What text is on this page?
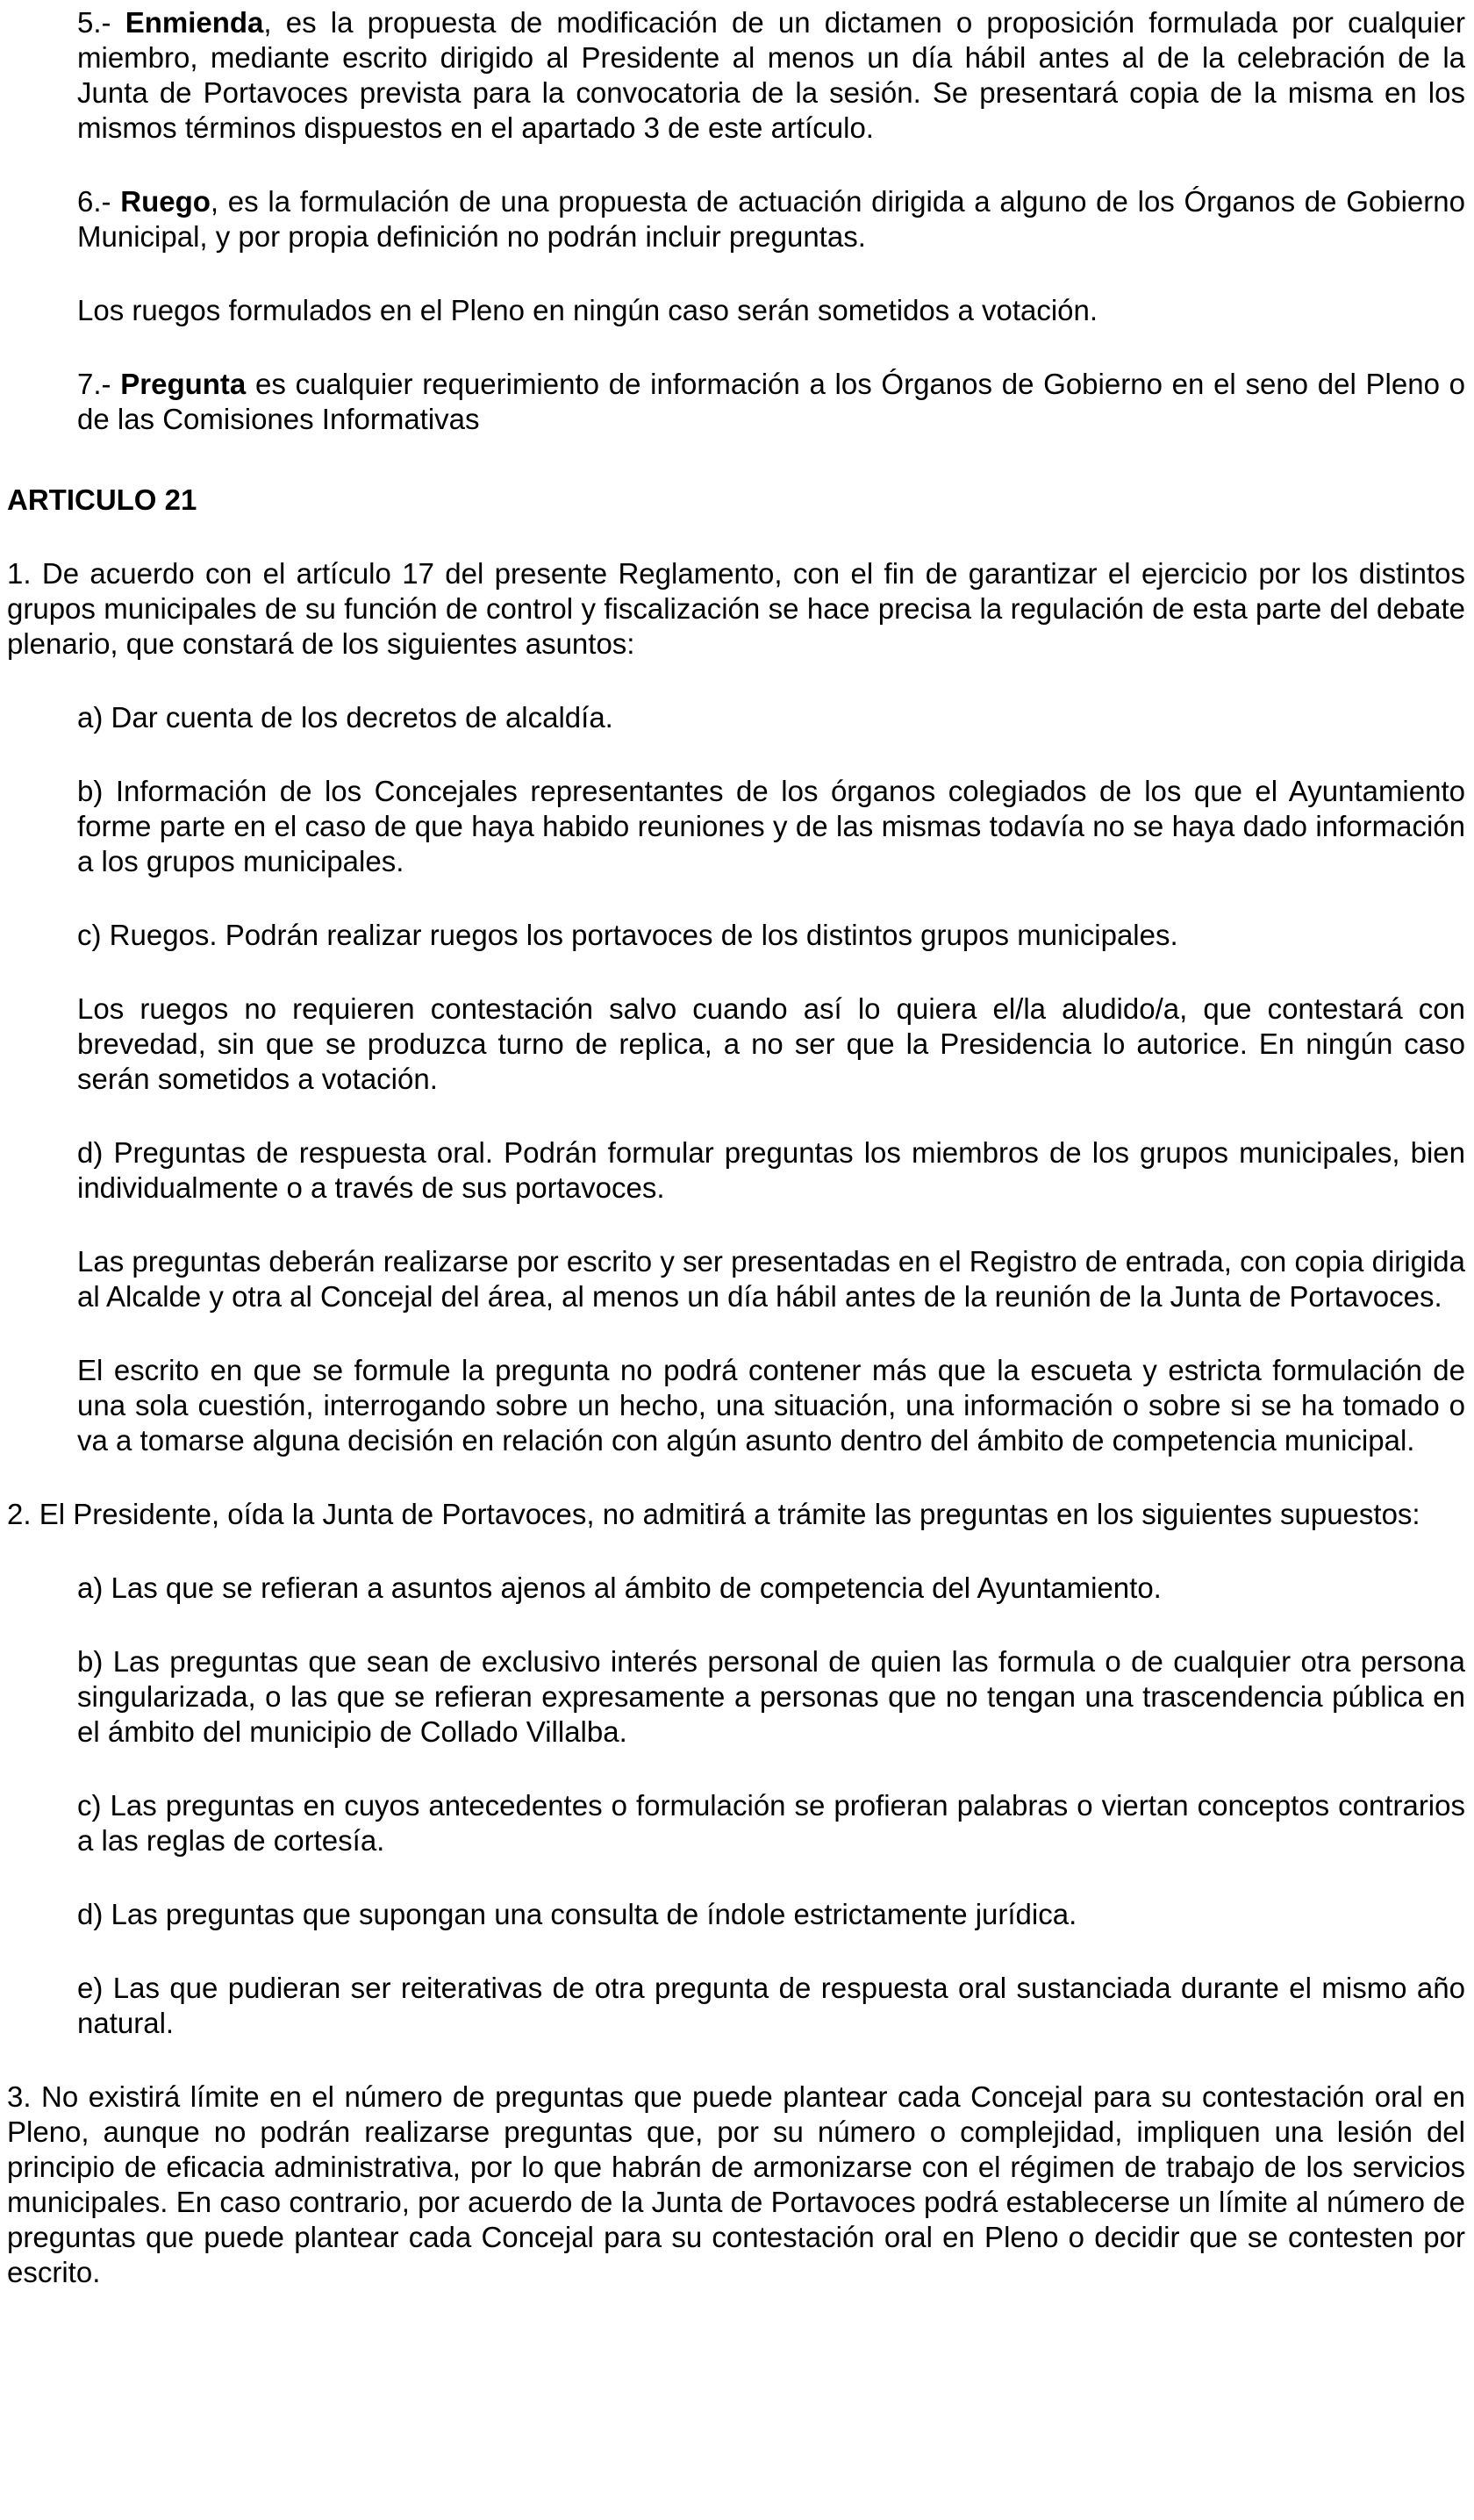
5.- Enmienda, es la propuesta de modificación de un dictamen o proposición formulada por cualquier miembro, mediante escrito dirigido al Presidente al menos un día hábil antes al de la celebración de la Junta de Portavoces prevista para la convocatoria de la sesión. Se presentará copia de la misma en los mismos términos dispuestos en el apartado 3 de este artículo.

6.- Ruego, es la formulación de una propuesta de actuación dirigida a alguno de los Órganos de Gobierno Municipal, y por propia definición no podrán incluir preguntas.

Los ruegos formulados en el Pleno en ningún caso serán sometidos a votación.

7.- Pregunta es cualquier requerimiento de información a los Órganos de Gobierno en el seno del Pleno o de las Comisiones Informativas

ARTICULO 21

1. De acuerdo con el artículo 17 del presente Reglamento, con el fin de garantizar el ejercicio por los distintos grupos municipales de su función de control y fiscalización se hace precisa la regulación de esta parte del debate plenario, que constará de los siguientes asuntos:

a) Dar cuenta de los decretos de alcaldía.

b) Información de los Concejales representantes de los órganos colegiados de los que el Ayuntamiento forme parte en el caso de que haya habido reuniones y de las mismas todavía no se haya dado información a los grupos municipales.

c) Ruegos. Podrán realizar ruegos los portavoces de los distintos grupos municipales.

Los ruegos no requieren contestación salvo cuando así lo quiera el/la aludido/a, que contestará con brevedad, sin que se produzca turno de replica, a no ser que la Presidencia lo autorice. En ningún caso serán sometidos a votación.

d) Preguntas de respuesta oral. Podrán formular preguntas los miembros de los grupos municipales, bien individualmente o a través de sus portavoces.

Las preguntas deberán realizarse por escrito y ser presentadas en el Registro de entrada, con copia dirigida al Alcalde y otra al Concejal del área, al menos un día hábil antes de la reunión de la Junta de Portavoces.

El escrito en que se formule la pregunta no podrá contener más que la escueta y estricta formulación de una sola cuestión, interrogando sobre un hecho, una situación, una información o sobre si se ha tomado o va a tomarse alguna decisión en relación con algún asunto dentro del ámbito de competencia municipal.

2. El Presidente, oída la Junta de Portavoces, no admitirá a trámite las preguntas en los siguientes supuestos:

a) Las que se refieran a asuntos ajenos al ámbito de competencia del Ayuntamiento.

b) Las preguntas que sean de exclusivo interés personal de quien las formula o de cualquier otra persona singularizada, o las que se refieran expresamente a personas que no tengan una trascendencia pública en el ámbito del municipio de Collado Villalba.

c) Las preguntas en cuyos antecedentes o formulación se profieran palabras o viertan conceptos contrarios a las reglas de cortesía.

d) Las preguntas que supongan una consulta de índole estrictamente jurídica.

e) Las que pudieran ser reiterativas de otra pregunta de respuesta oral sustanciada durante el mismo año natural.

3. No existirá límite en el número de preguntas que puede plantear cada Concejal para su contestación oral en Pleno, aunque no podrán realizarse preguntas que, por su número o complejidad, impliquen una lesión del principio de eficacia administrativa, por lo que habrán de armonizarse con el régimen de trabajo de los servicios municipales. En caso contrario, por acuerdo de la Junta de Portavoces podrá establecerse un límite al número de preguntas que puede plantear cada Concejal para su contestación oral en Pleno o decidir que se contesten por escrito.
